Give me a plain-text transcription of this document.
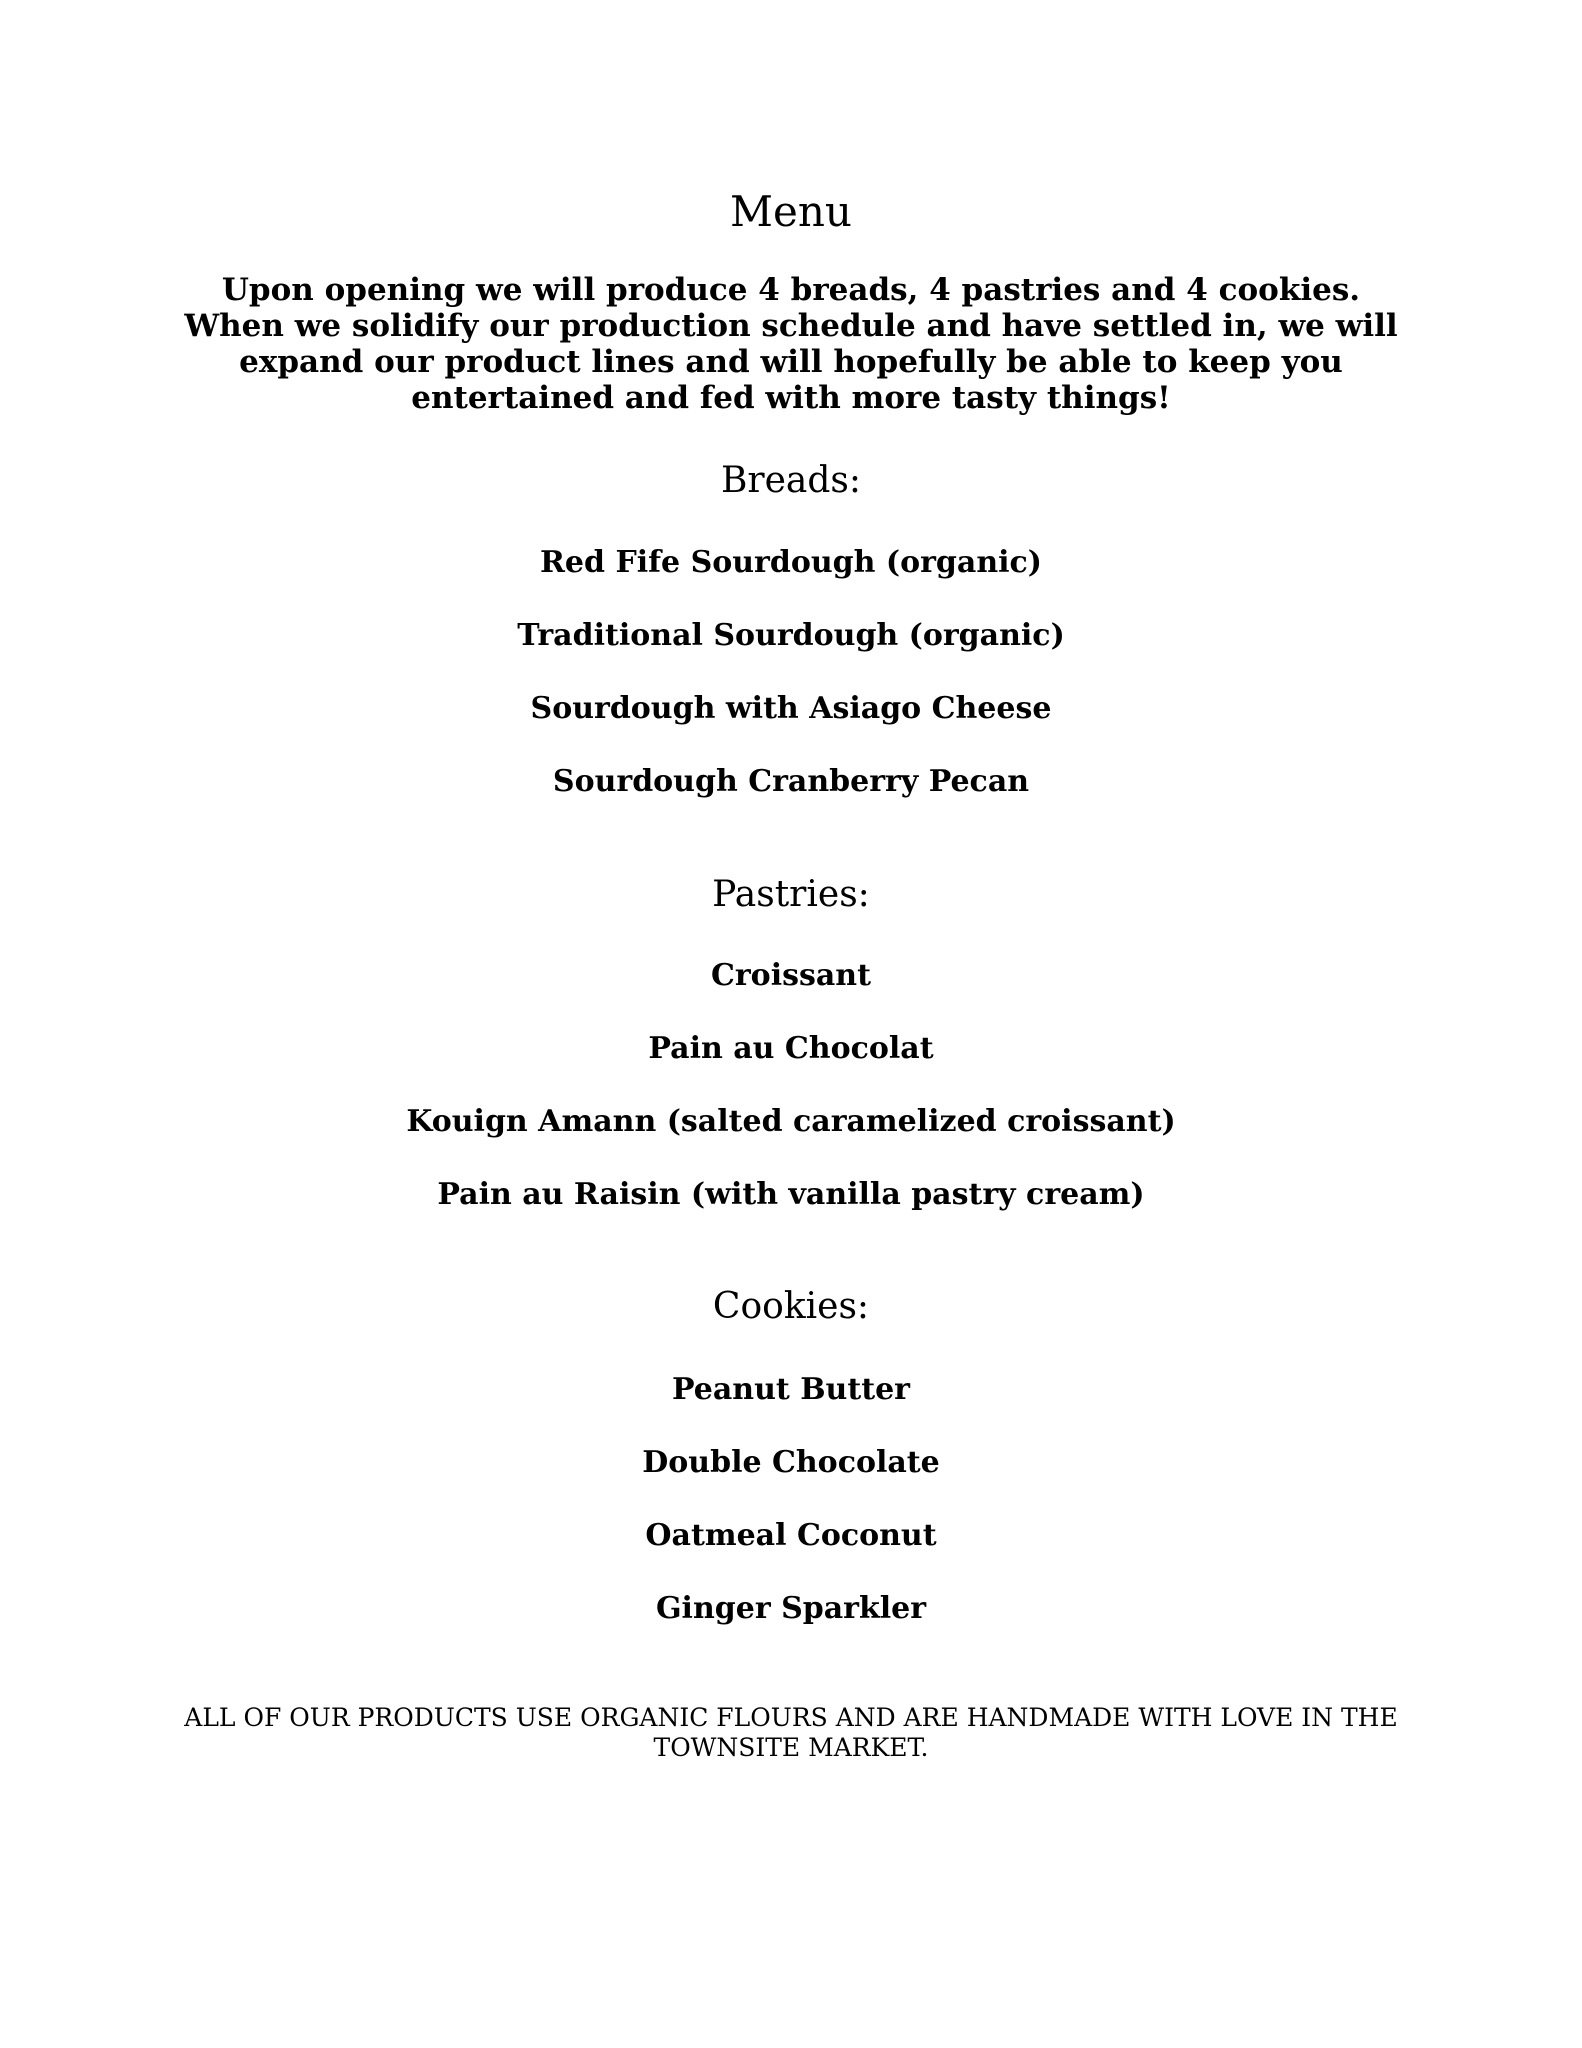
Menu

Upon opening we will produce 4 breads, 4 pastries and 4 cookies. When we solidify our production schedule and have settled in, we will expand our product lines and will hopefully be able to keep you entertained and fed with more tasty things!

Breads:
Red Fife Sourdough (organic)
Traditional Sourdough (organic)
Sourdough with Asiago Cheese
Sourdough Cranberry Pecan
Pastries:
Croissant
Pain au Chocolat
Kouign Amann (salted caramelized croissant)
Pain au Raisin (with vanilla pastry cream)
Cookies:
Peanut Butter
Double Chocolate
Oatmeal Coconut
Ginger Sparkler

ALL OF OUR PRODUCTS USE ORGANIC FLOURS AND ARE HANDMADE WITH LOVE IN THE TOWNSITE MARKET.
